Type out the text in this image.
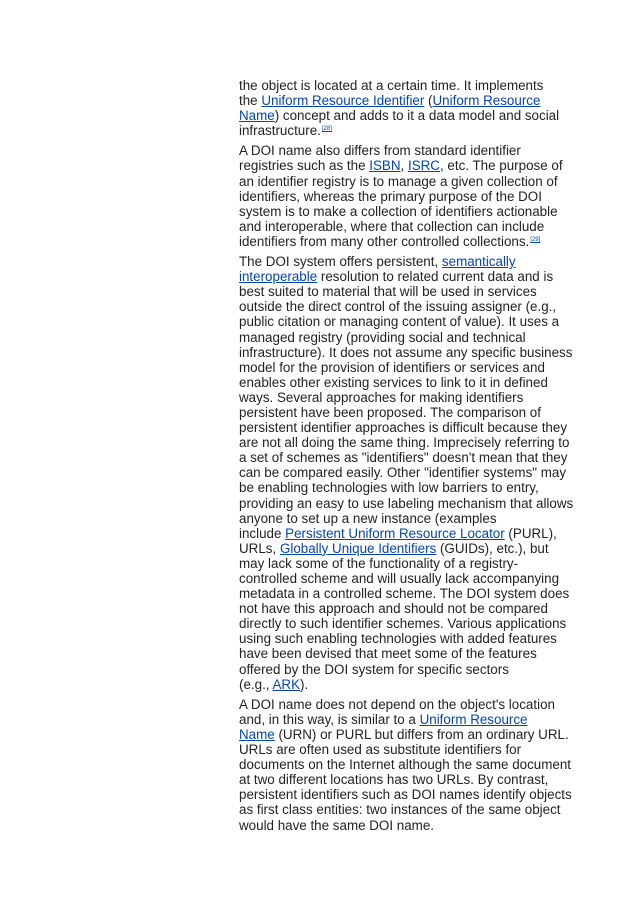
the object is located at a certain time. It implements
the Uniform Resource Identifier (Uniform Resource
Name) concept and adds to it a data model and social
infrastructure.[28]

A DOI name also differs from standard identifier
registries such as the ISBN, ISRC, etc. The purpose of
an identifier registry is to manage a given collection of
identifiers, whereas the primary purpose of the DOI
system is to make a collection of identifiers actionable
and interoperable, where that collection can include
identifiers from many other controlled collections.[29]

The DOI system offers persistent, semantically
interoperable resolution to related current data and is
best suited to material that will be used in services
outside the direct control of the issuing assigner (e.g.,
public citation or managing content of value). It uses a
managed registry (providing social and technical
infrastructure). It does not assume any specific business
model for the provision of identifiers or services and
enables other existing services to link to it in defined
ways. Several approaches for making identifiers
persistent have been proposed. The comparison of
persistent identifier approaches is difficult because they
are not all doing the same thing. Imprecisely referring to
a set of schemes as "identifiers" doesn't mean that they
can be compared easily. Other "identifier systems" may
be enabling technologies with low barriers to entry,
providing an easy to use labeling mechanism that allows
anyone to set up a new instance (examples
include Persistent Uniform Resource Locator (PURL),
URLs, Globally Unique Identifiers (GUIDs), etc.), but
may lack some of the functionality of a registry-
controlled scheme and will usually lack accompanying
metadata in a controlled scheme. The DOI system does
not have this approach and should not be compared
directly to such identifier schemes. Various applications
using such enabling technologies with added features
have been devised that meet some of the features
offered by the DOI system for specific sectors
(e.g., ARK).

A DOI name does not depend on the object's location
and, in this way, is similar to a Uniform Resource
Name (URN) or PURL but differs from an ordinary URL.
URLs are often used as substitute identifiers for
documents on the Internet although the same document
at two different locations has two URLs. By contrast,
persistent identifiers such as DOI names identify objects
as first class entities: two instances of the same object
would have the same DOI name.
